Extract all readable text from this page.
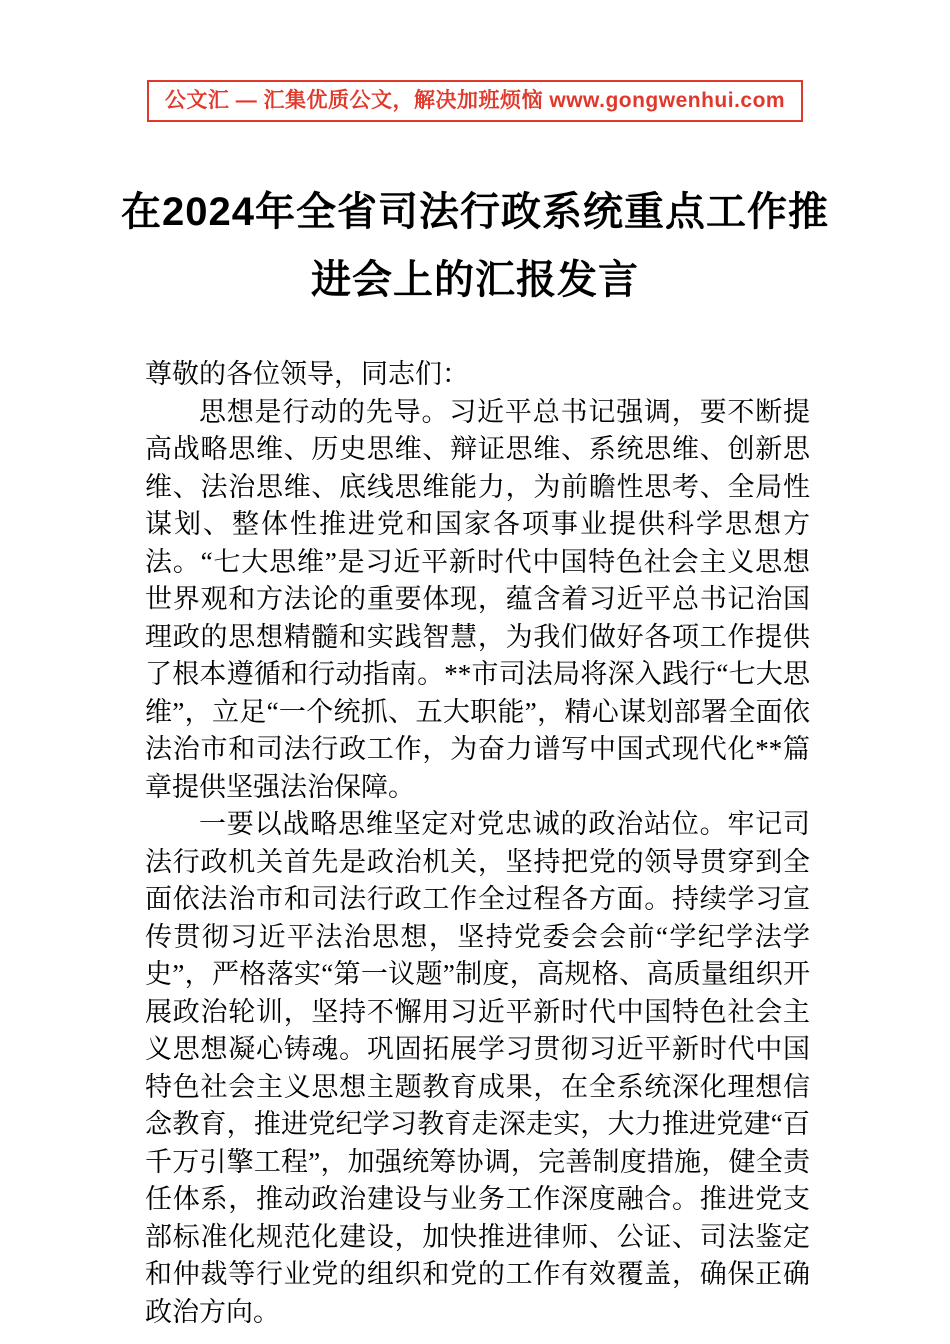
公文汇 — 汇集优质公文，解决加班烦恼 www.gongwenhui.com
在2024年全省司法行政系统重点工作推进会上的汇报发言

尊敬的各位领导，同志们：

思想是行动的先导。习近平总书记强调，要不断提高战略思维、历史思维、辩证思维、系统思维、创新思维、法治思维、底线思维能力，为前瞻性思考、全局性谋划、整体性推进党和国家各项事业提供科学思想方法。“七大思维”是习近平新时代中国特色社会主义思想世界观和方法论的重要体现，蕴含着习近平总书记治国理政的思想精髓和实践智慧，为我们做好各项工作提供了根本遵循和行动指南。**市司法局将深入践行“七大思维”，立足“一个统抓、五大职能”，精心谋划部署全面依法治市和司法行政工作，为奋力谱写中国式现代化**篇章提供坚强法治保障。

一要以战略思维坚定对党忠诚的政治站位。牢记司法行政机关首先是政治机关，坚持把党的领导贯穿到全面依法治市和司法行政工作全过程各方面。持续学习宣传贯彻习近平法治思想，坚持党委会会前“学纪学法学史”，严格落实“第一议题”制度，高规格、高质量组织开展政治轮训，坚持不懈用习近平新时代中国特色社会主义思想凝心铸魂。巩固拓展学习贯彻习近平新时代中国特色社会主义思想主题教育成果，在全系统深化理想信念教育，推进党纪学习教育走深走实，大力推进党建“百千万引擎工程”，加强统筹协调，完善制度措施，健全责任体系，推动政治建设与业务工作深度融合。推进党支部标准化规范化建设，加快推进律师、公证、司法鉴定和仲裁等行业党的组织和党的工作有效覆盖，确保正确政治方向。
